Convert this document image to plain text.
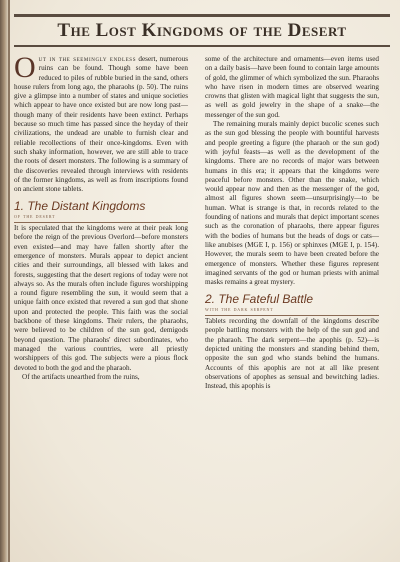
The Lost Kingdoms of the Desert

Out in the seemingly endless desert, numerous ruins can be found. Though some have been reduced to piles of rubble buried in the sand, others house rulers from long ago, the pharaohs (p. 50). The ruins give a glimpse into a number of states and unique societies which appear to have once existed but are now long past—though many of their residents have been extinct. Perhaps because so much time has passed since the heyday of their civilizations, the undead are unable to furnish clear and reliable recollections of their once-kingdoms. Even with such shaky information, however, we are still able to trace the roots of desert monsters. The following is a summary of the discoveries revealed through interviews with residents of the former kingdoms, as well as from inscriptions found on ancient stone tablets.

1. The Distant Kingdoms
of the desert

It is speculated that the kingdoms were at their peak long before the reign of the previous Overlord—before monsters even existed—and may have fallen shortly after the emergence of monsters. Murals appear to depict ancient cities and their surroundings, all blessed with lakes and forests, suggesting that the desert regions of today were not always so. As the murals often include figures worshipping a round figure resembling the sun, it would seem that a unique faith once existed that revered a sun god that shone upon and protected the people. This faith was the social backbone of these kingdoms. Their rulers, the pharaohs, were believed to be children of the sun god, demigods beyond question. The pharaohs' direct subordinates, who managed the various countries, were all priestly worshippers of this god. The subjects were a pious flock devoted to both the god and the pharaoh.

Of the artifacts unearthed from the ruins,

some of the architecture and ornaments—even items used on a daily basis—have been found to contain large amounts of gold, the glimmer of which symbolized the sun. Pharaohs who have risen in modern times are observed wearing crowns that glisten with magical light that suggests the sun, as well as gold jewelry in the shape of a snake—the messenger of the sun god.

The remaining murals mainly depict bucolic scenes such as the sun god blessing the people with bountiful harvests and people greeting a figure (the pharaoh or the sun god) with joyful feasts—as well as the development of the kingdoms. There are no records of major wars between humans in this era; it appears that the kingdoms were peaceful before monsters. Other than the snake, which would appear now and then as the messenger of the god, almost all figures shown seem—unsurprisingly—to be human. What is strange is that, in records related to the founding of nations and murals that depict important scenes such as the coronation of pharaohs, there appear figures with the bodies of humans but the heads of dogs or cats—like anubises (MGE I, p. 156) or sphinxes (MGE I, p. 154). However, the murals seem to have been created before the emergence of monsters. Whether these figures represent imagined servants of the god or human priests with animal masks remains a great mystery.

2. The Fateful Battle
with the dark serpent

Tablets recording the downfall of the kingdoms describe people battling monsters with the help of the sun god and the pharaoh. The dark serpent—the apophis (p. 52)—is depicted uniting the monsters and standing behind them, opposite the sun god who stands behind the humans. Accounts of this apophis are not at all like present observations of apophes as sensual and bewitching ladies. Instead, this apophis is
